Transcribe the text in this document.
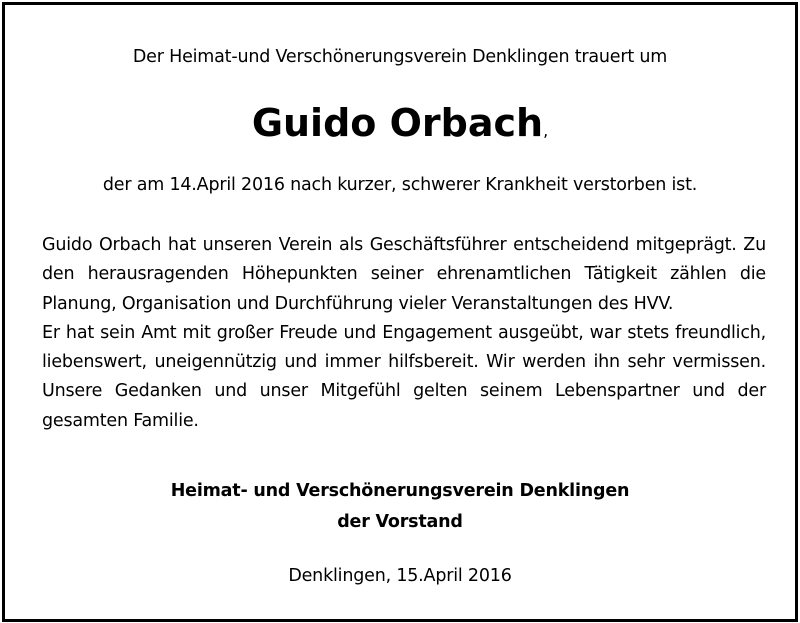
Der Heimat-und Verschönerungsverein Denklingen trauert um
Guido Orbach,
der am 14.April 2016 nach kurzer, schwerer Krankheit verstorben ist.

Guido Orbach hat unseren Verein als Geschäftsführer entscheidend mitgeprägt. Zu den herausragenden Höhepunkten seiner ehrenamtlichen Tätigkeit zählen die Planung, Organisation und Durchführung vieler Veranstaltungen des HVV.

Er hat sein Amt mit großer Freude und Engagement ausgeübt, war stets freundlich, liebenswert, uneigennützig und immer hilfsbereit. Wir werden ihn sehr vermissen. Unsere Gedanken und unser Mitgefühl gelten seinem Lebenspartner und der gesamten Familie.

Heimat- und Verschönerungsverein Denklingen
der Vorstand
Denklingen, 15.April 2016
